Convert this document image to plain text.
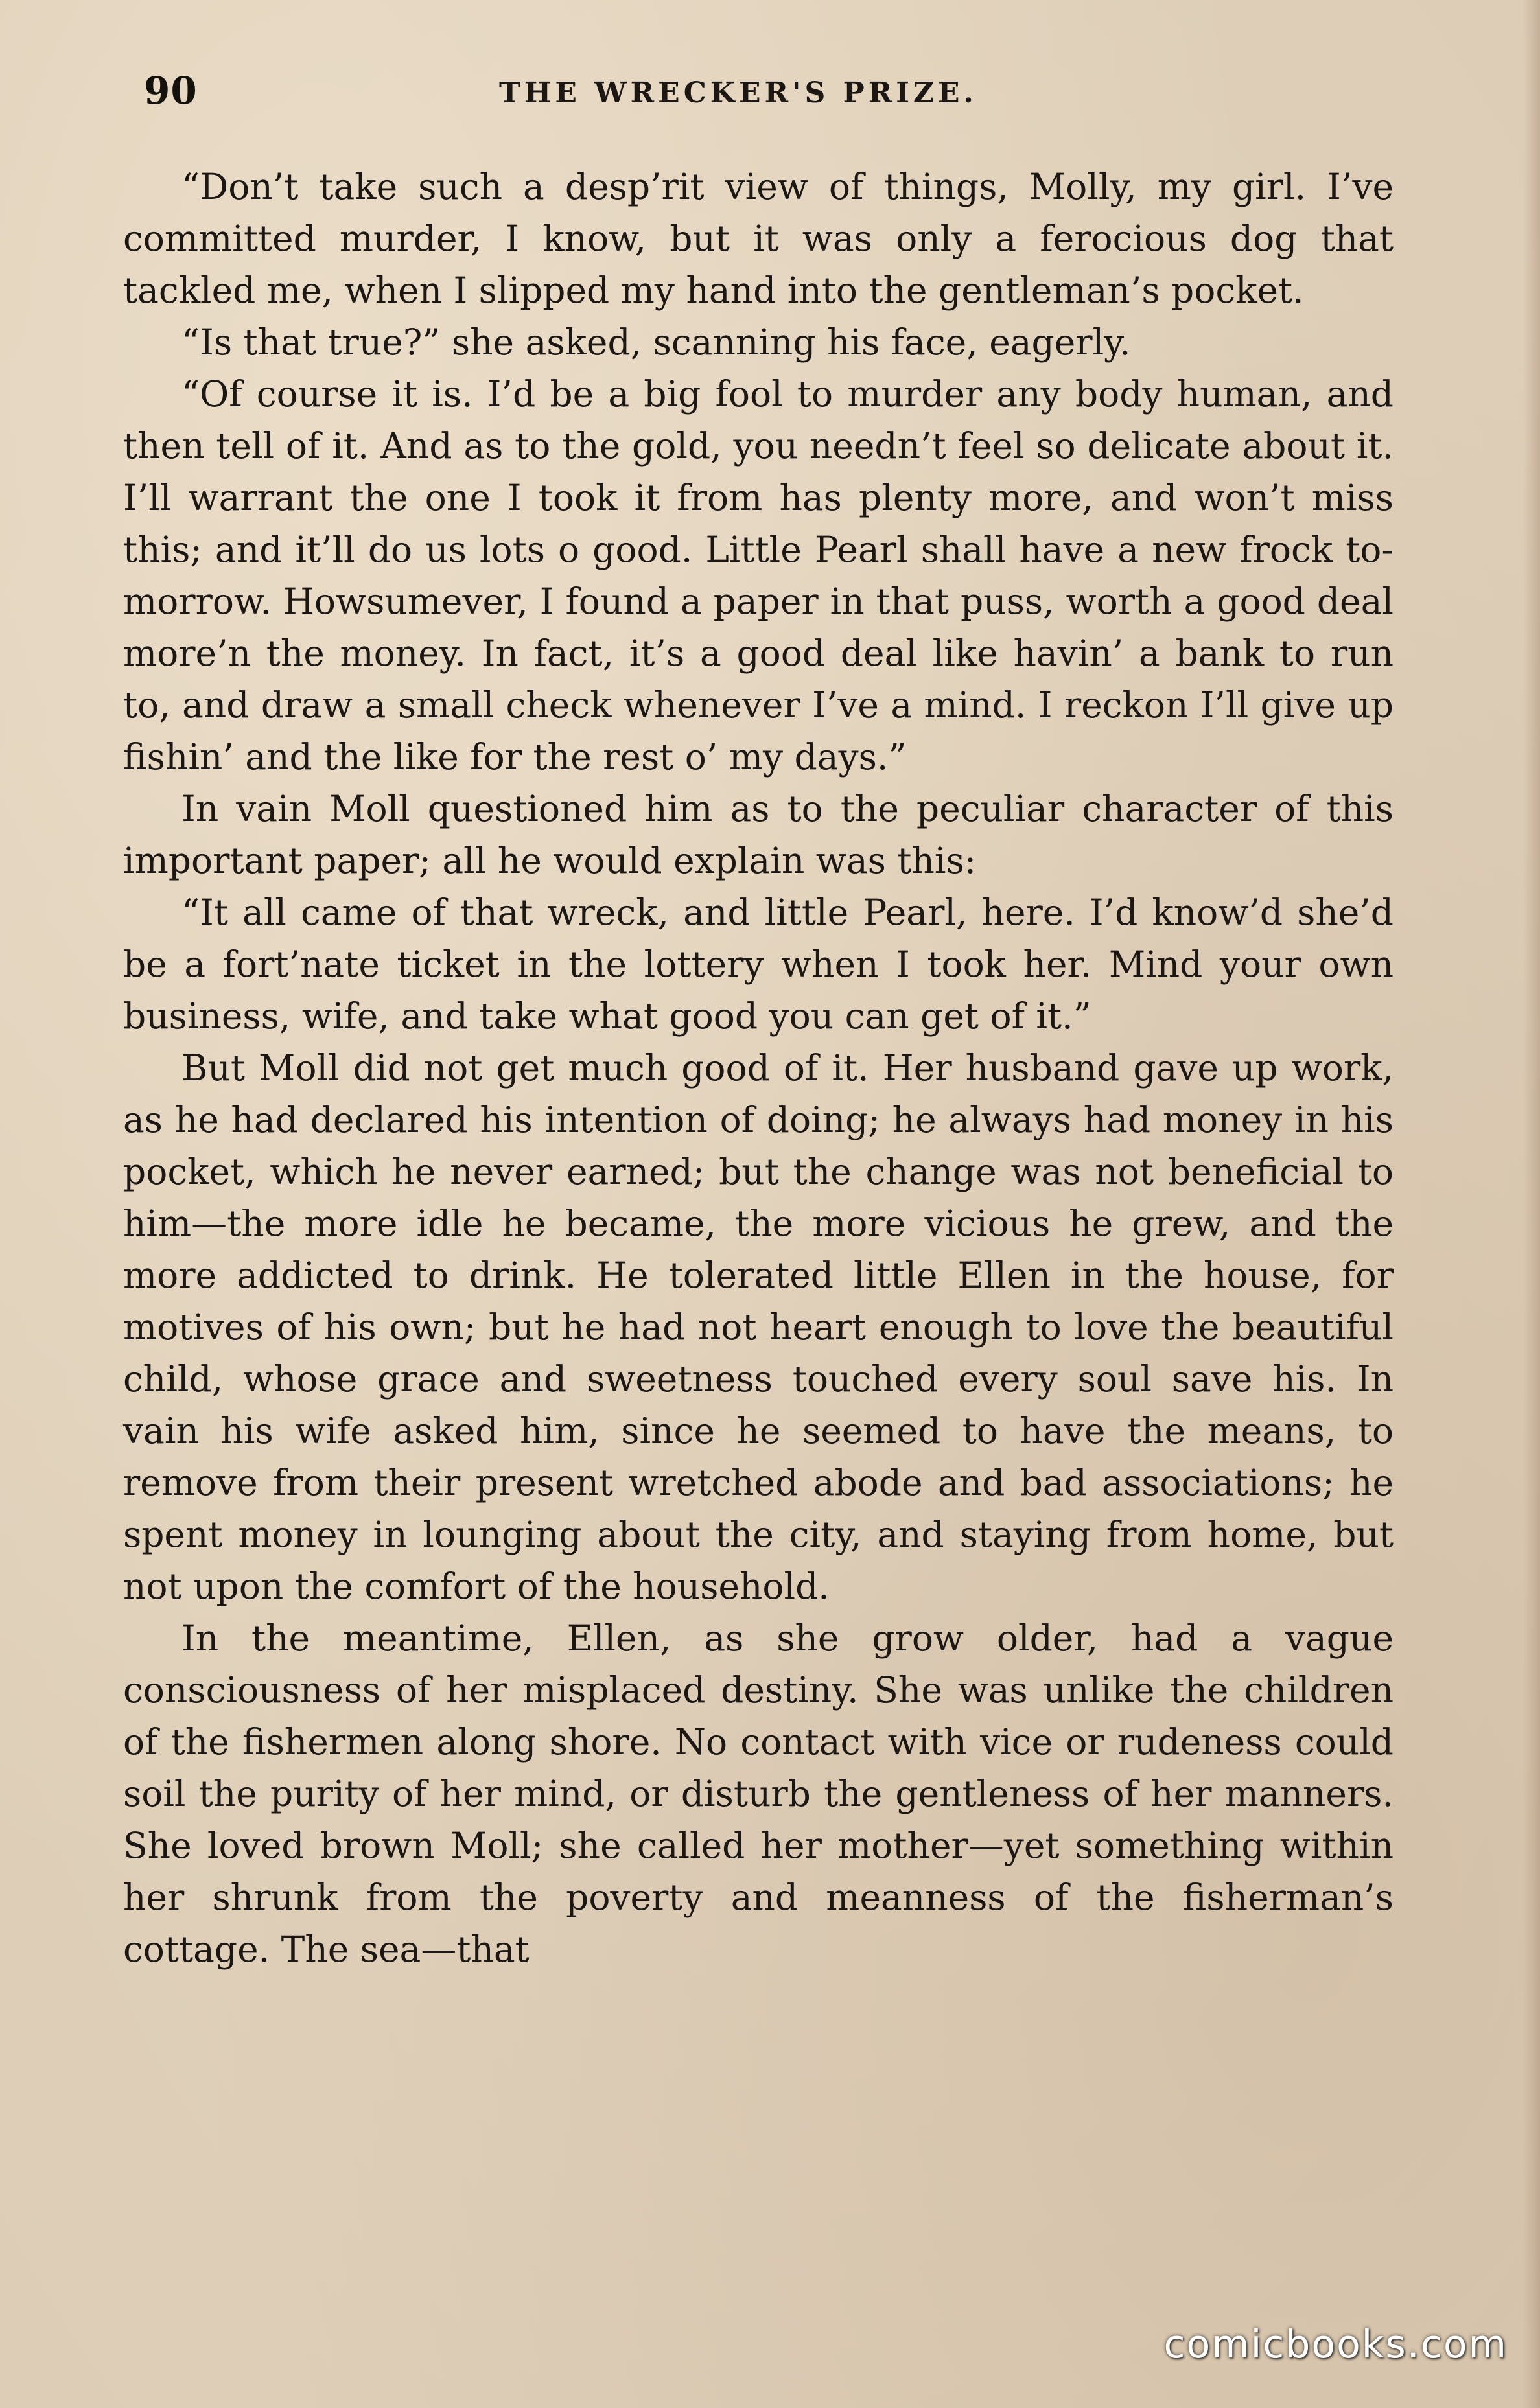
90	THE WRECKER'S PRIZE.

“Don’t take such a desp’rit view of things, Molly, my girl. I’ve committed murder, I know, but it was only a ferocious dog that tackled me, when I slipped my hand into the gentleman’s pocket.

“Is that true?” she asked, scanning his face, eagerly.

“Of course it is. I’d be a big fool to murder any body human, and then tell of it. And as to the gold, you needn’t feel so delicate about it. I’ll warrant the one I took it from has plenty more, and won’t miss this; and it’ll do us lots o good. Little Pearl shall have a new frock to-morrow. Howsumever, I found a paper in that puss, worth a good deal more’n the money. In fact, it’s a good deal like havin’ a bank to run to, and draw a small check whenever I’ve a mind. I reckon I’ll give up fishin’ and the like for the rest o’ my days.”

In vain Moll questioned him as to the peculiar character of this important paper; all he would explain was this:

“It all came of that wreck, and little Pearl, here. I’d know’d she’d be a fort’nate ticket in the lottery when I took her. Mind your own business, wife, and take what good you can get of it.”

But Moll did not get much good of it. Her husband gave up work, as he had declared his intention of doing; he always had money in his pocket, which he never earned; but the change was not beneficial to him—the more idle he became, the more vicious he grew, and the more addicted to drink. He tolerated little Ellen in the house, for motives of his own; but he had not heart enough to love the beautiful child, whose grace and sweetness touched every soul save his. In vain his wife asked him, since he seemed to have the means, to remove from their present wretched abode and bad associations; he spent money in lounging about the city, and staying from home, but not upon the comfort of the household.

In the meantime, Ellen, as she grow older, had a vague consciousness of her misplaced destiny. She was unlike the children of the fishermen along shore. No contact with vice or rudeness could soil the purity of her mind, or disturb the gentleness of her manners. She loved brown Moll; she called her mother—yet something within her shrunk from the poverty and meanness of the fisherman’s cottage. The sea—that

comicbooks.com
